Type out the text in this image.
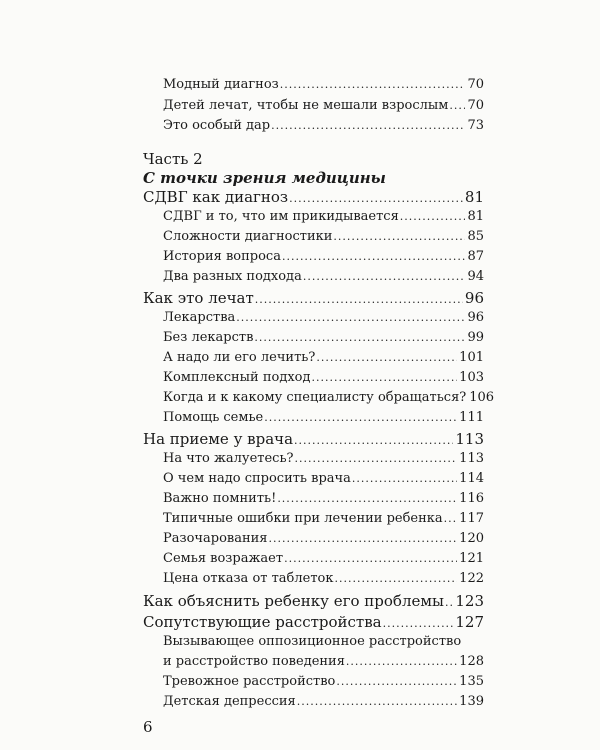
Модный диагноз .....	70
Детей лечат, чтобы не мешали взрослым ..... 70
Это особый дар .....	73
Часть 2
С точки зрения медицины
СДВГ как диагноз .....	81
СДВГ и то, что им прикидывается .....	81
Сложности диагностики .....	85
История вопроса .....	87
Два разных подхода .....	94
Как это лечат .....	96
Лекарства .....	96
Без лекарств .....	99
А надо ли его лечить? .....	101
Комплексный подход .....	103
Когда и к какому специалисту обращаться? 106
Помощь семье .....	111
На приеме у врача .....	113
На что жалуетесь? .....	113
О чем надо спросить врача .....	114
Важно помнить! .....	116
Типичные ошибки при лечении ребенка ..... 117
Разочарования .....	120
Семья возражает .....	121
Цена отказа от таблеток .....	122
Как объяснить ребенку его проблемы ..... 123
Сопутствующие расстройства .....	127
Вызывающее оппозиционное расстройство
и расстройство поведения .....	128
Тревожное расстройство .....	135
Детская депрессия .....	139
6
